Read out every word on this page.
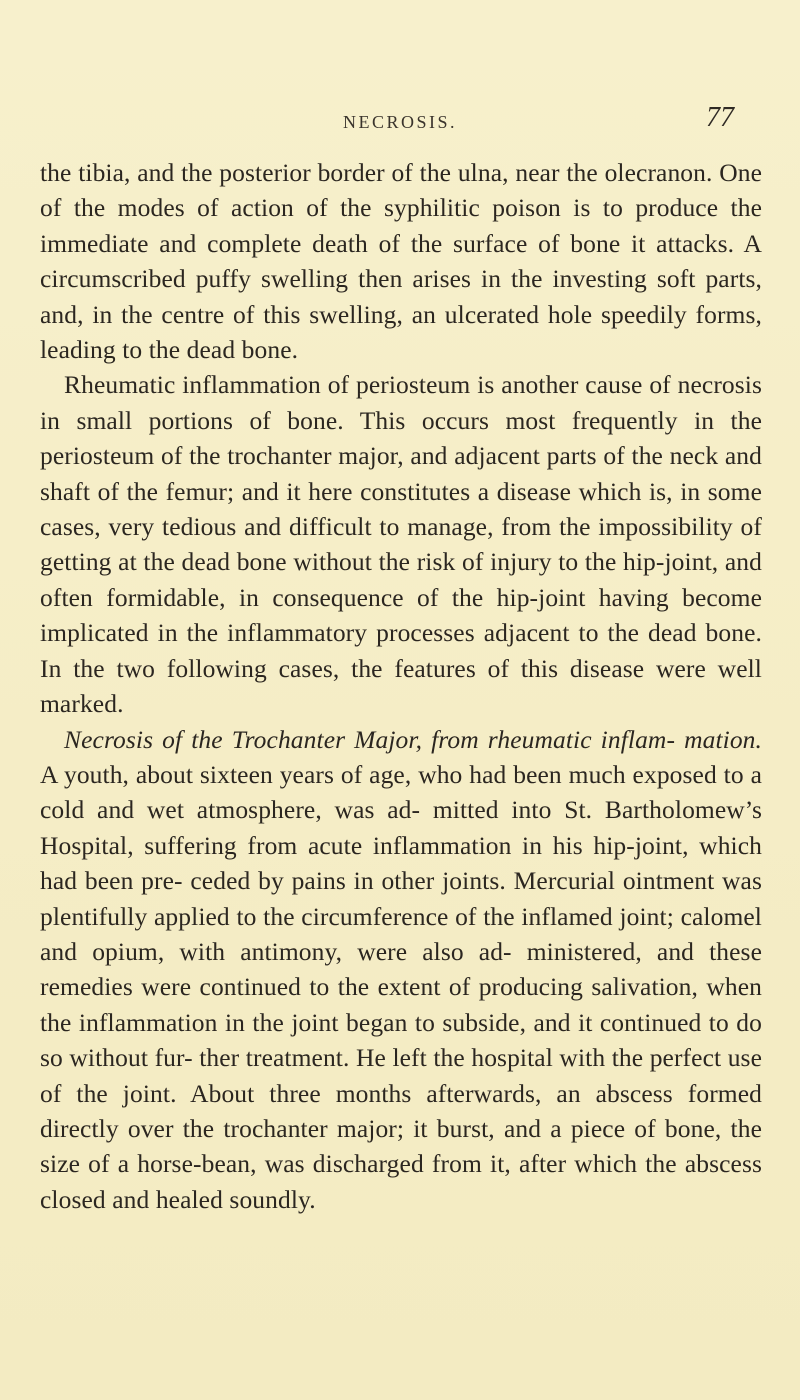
NECROSIS.	77

the tibia, and the posterior border of the ulna, near the olecranon. One of the modes of action of the syphilitic poison is to produce the immediate and complete death of the surface of bone it attacks. A circumscribed puffy swelling then arises in the investing soft parts, and, in the centre of this swelling, an ulcerated hole speedily forms, leading to the dead bone.

Rheumatic inflammation of periosteum is another cause of necrosis in small portions of bone. This occurs most frequently in the periosteum of the trochanter major, and adjacent parts of the neck and shaft of the femur; and it here constitutes a disease which is, in some cases, very tedious and difficult to manage, from the impossibility of getting at the dead bone without the risk of injury to the hip-joint, and often formidable, in consequence of the hip-joint having become implicated in the inflammatory processes adjacent to the dead bone. In the two following cases, the features of this disease were well marked.

Necrosis of the Trochanter Major, from rheumatic inflam- mation. A youth, about sixteen years of age, who had been much exposed to a cold and wet atmosphere, was ad- mitted into St. Bartholomew’s Hospital, suffering from acute inflammation in his hip-joint, which had been pre- ceded by pains in other joints. Mercurial ointment was plentifully applied to the circumference of the inflamed joint; calomel and opium, with antimony, were also ad- ministered, and these remedies were continued to the extent of producing salivation, when the inflammation in the joint began to subside, and it continued to do so without fur- ther treatment. He left the hospital with the perfect use of the joint. About three months afterwards, an abscess formed directly over the trochanter major; it burst, and a piece of bone, the size of a horse-bean, was discharged from it, after which the abscess closed and healed soundly.
